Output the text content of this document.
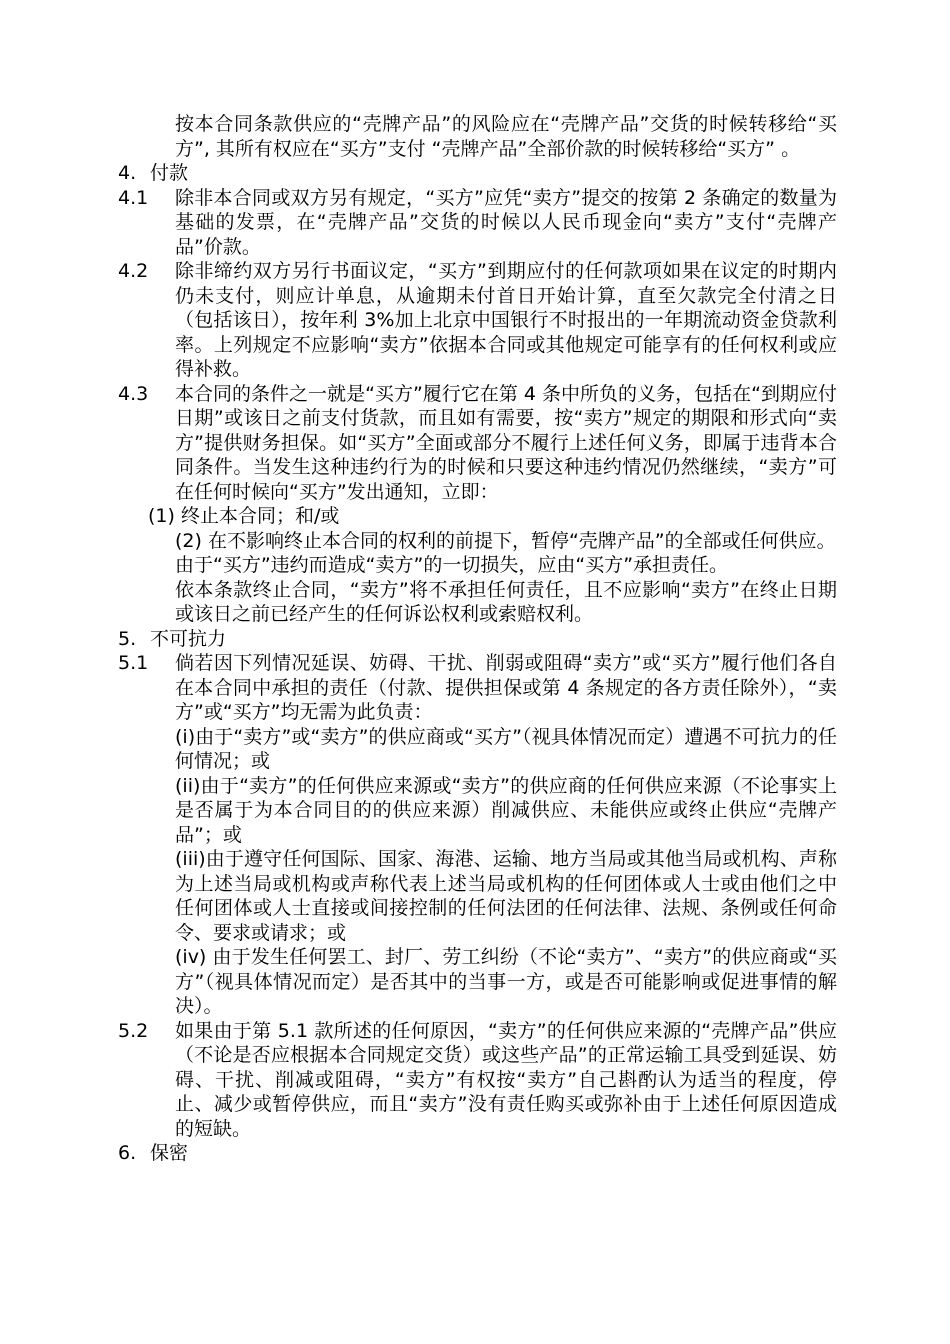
按本合同条款供应的“壳牌产品”的风险应在“壳牌产品”交货的时候转移给“买方”, 其所有权应在“买方”支付 “壳牌产品”全部价款的时候转移给“买方” 。
4. 付款
4.1 除非本合同或双方另有规定，“买方”应凭“卖方”提交的按第 2 条确定的数量为基础的发票，在“壳牌产品”交货的时候以人民币现金向“卖方”支付“壳牌产品”价款。
4.2 除非缔约双方另行书面议定，“买方”到期应付的任何款项如果在议定的时期内仍未支付，则应计单息，从逾期未付首日开始计算，直至欠款完全付清之日（包括该日），按年利 3%加上北京中国银行不时报出的一年期流动资金贷款利率。上列规定不应影响“卖方”依据本合同或其他规定可能享有的任何权利或应得补救。
4.3 本合同的条件之一就是“买方”履行它在第 4 条中所负的义务，包括在“到期应付日期”或该日之前支付货款，而且如有需要，按“卖方”规定的期限和形式向“卖方”提供财务担保。如“买方”全面或部分不履行上述任何义务，即属于违背本合同条件。当发生这种违约行为的时候和只要这种违约情况仍然继续，“卖方”可在任何时候向“买方”发出通知，立即：
(1) 终止本合同；和/或
(2) 在不影响终止本合同的权利的前提下，暂停“壳牌产品”的全部或任何供应。
由于“买方”违约而造成“卖方”的一切损失，应由“买方”承担责任。
依本条款终止合同，“卖方”将不承担任何责任，且不应影响“卖方”在终止日期或该日之前已经产生的任何诉讼权利或索赔权利。
5. 不可抗力
5.1 倘若因下列情况延误、妨碍、干扰、削弱或阻碍“卖方”或“买方”履行他们各自在本合同中承担的责任（付款、提供担保或第 4 条规定的各方责任除外），“卖方”或“买方”均无需为此负责：
(i)由于“卖方”或“卖方”的供应商或“买方”（视具体情况而定）遭遇不可抗力的任何情况；或
(ii)由于“卖方”的任何供应来源或“卖方”的供应商的任何供应来源（不论事实上是否属于为本合同目的的供应来源）削减供应、未能供应或终止供应“壳牌产品”；或
(iii)由于遵守任何国际、国家、海港、运输、地方当局或其他当局或机构、声称为上述当局或机构或声称代表上述当局或机构的任何团体或人士或由他们之中任何团体或人士直接或间接控制的任何法团的任何法律、法规、条例或任何命令、要求或请求；或
(iv) 由于发生任何罢工、封厂、劳工纠纷（不论“卖方”、“卖方”的供应商或“买方”（视具体情况而定）是否其中的当事一方，或是否可能影响或促进事情的解决）。
5.2 如果由于第 5.1 款所述的任何原因，“卖方”的任何供应来源的“壳牌产品”供应（不论是否应根据本合同规定交货）或这些产品”的正常运输工具受到延误、妨碍、干扰、削减或阻碍，“卖方”有权按“卖方”自己斟酌认为适当的程度，停止、减少或暂停供应，而且“卖方”没有责任购买或弥补由于上述任何原因造成的短缺。
6. 保密
